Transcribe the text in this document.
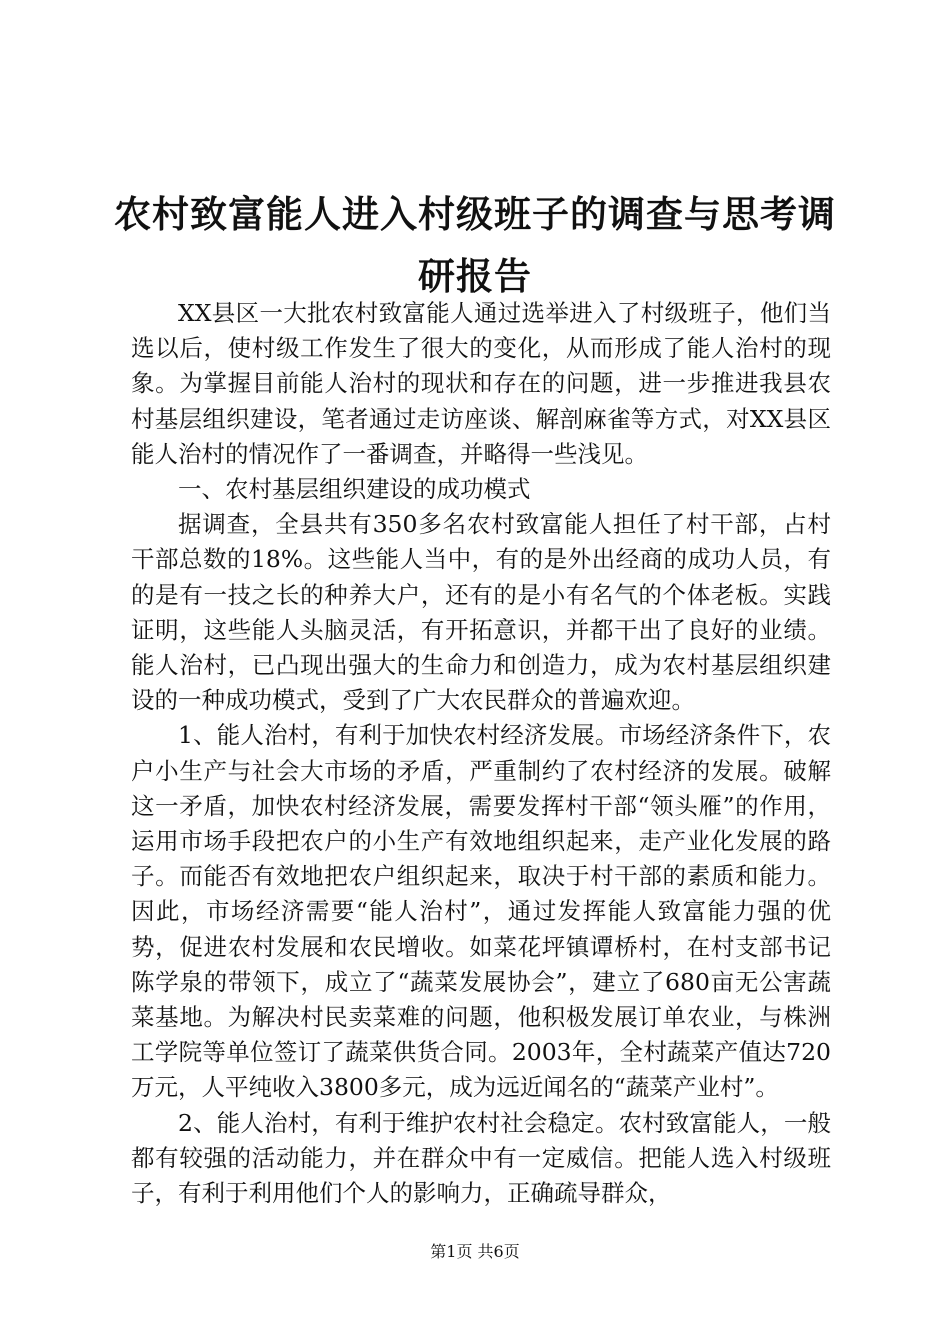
农村致富能人进入村级班子的调查与思考调研报告

XX县区一大批农村致富能人通过选举进入了村级班子，他们当选以后，使村级工作发生了很大的变化，从而形成了能人治村的现象。为掌握目前能人治村的现状和存在的问题，进一步推进我县农村基层组织建设，笔者通过走访座谈、解剖麻雀等方式，对XX县区能人治村的情况作了一番调查，并略得一些浅见。

一、农村基层组织建设的成功模式

据调查，全县共有350多名农村致富能人担任了村干部，占村干部总数的18%。这些能人当中，有的是外出经商的成功人员，有的是有一技之长的种养大户，还有的是小有名气的个体老板。实践证明，这些能人头脑灵活，有开拓意识，并都干出了良好的业绩。能人治村，已凸现出强大的生命力和创造力，成为农村基层组织建设的一种成功模式，受到了广大农民群众的普遍欢迎。

1、能人治村，有利于加快农村经济发展。市场经济条件下，农户小生产与社会大市场的矛盾，严重制约了农村经济的发展。破解这一矛盾，加快农村经济发展，需要发挥村干部“领头雁”的作用，运用市场手段把农户的小生产有效地组织起来，走产业化发展的路子。而能否有效地把农户组织起来，取决于村干部的素质和能力。因此，市场经济需要“能人治村”，通过发挥能人致富能力强的优势，促进农村发展和农民增收。如菜花坪镇谭桥村，在村支部书记陈学泉的带领下，成立了“蔬菜发展协会”，建立了680亩无公害蔬菜基地。为解决村民卖菜难的问题，他积极发展订单农业，与株洲工学院等单位签订了蔬菜供货合同。2003年，全村蔬菜产值达720万元，人平纯收入3800多元，成为远近闻名的“蔬菜产业村”。

2、能人治村，有利于维护农村社会稳定。农村致富能人，一般都有较强的活动能力，并在群众中有一定威信。把能人选入村级班子，有利于利用他们个人的影响力，正确疏导群众，

第1页 共6页
